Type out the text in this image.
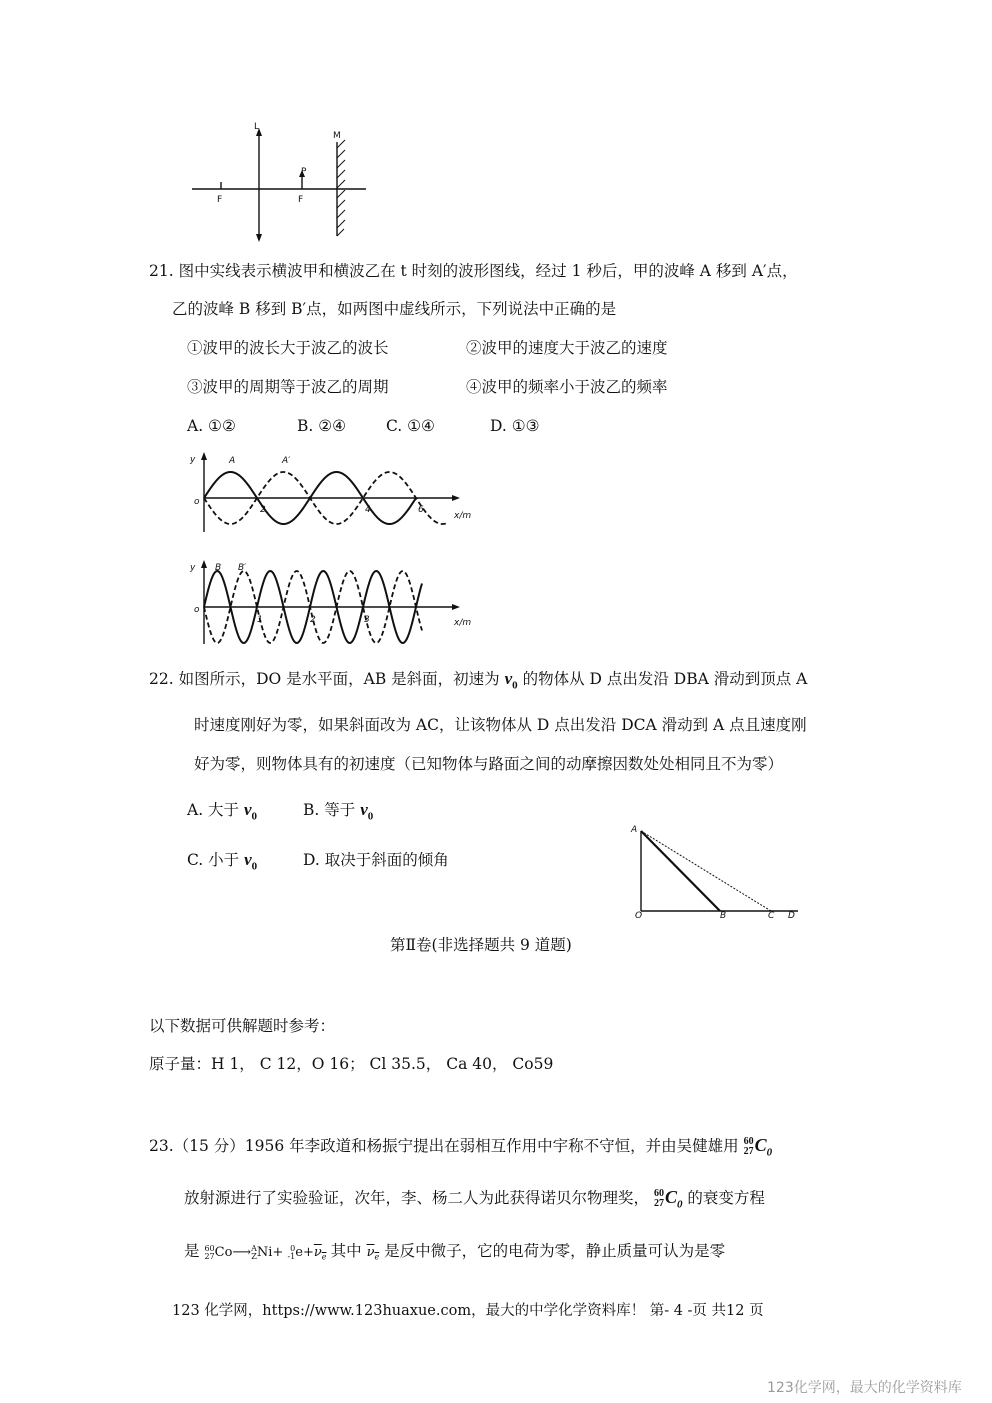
L
M
F	F
P
21. 图中实线表示横波甲和横波乙在 t 时刻的波形图线，经过 1 秒后，甲的波峰 A 移到 A′点，
乙的波峰 B 移到 B′点，如两图中虚线所示，下列说法中正确的是
①波甲的波长大于波乙的波长	②波甲的速度大于波乙的速度
③波甲的周期等于波乙的周期	④波甲的频率小于波乙的频率
A. ①②	B. ②④	C. ①④	D. ①③
y
o
A	A′
x/m
2	4	6
y
o
B B′
x/m
1	2	3
22. 如图所示，DO 是水平面，AB 是斜面，初速为 $v_0$ 的物体从 D 点出发沿 DBA 滑动到顶点 A
时速度刚好为零，如果斜面改为 AC，让该物体从 D 点出发沿 DCA 滑动到 A 点且速度刚
好为零，则物体具有的初速度（已知物体与路面之间的动摩擦因数处处相同且不为零）
A. 大于 $v_0$	B. 等于 $v_0$
C. 小于 $v_0$	D. 取决于斜面的倾角
A
O	B	C D
第Ⅱ卷(非选择题共 9 道题)
以下数据可供解题时参考：
原子量：H 1， C 12，O 16； Cl 35.5， Ca 40， Co59
23.（15 分）1956 年李政道和杨振宁提出在弱相互作用中宇称不守恒，并由吴健雄用 60
$27C_0$
放射源进行了实验验证，次年，李、杨二人为此获得诺贝尔物理奖， 60
$27C_0$ 的衰变方程
是 60
27Co⟶A
ZNi+ 0
$-1e+\nu_e$ 其中 $\nu_e$ 是反中微子，它的电荷为零，静止质量可认为是零
123 化学网，https://www.123huaxue.com，最大的中学化学资料库！ 第- 4 -页 共12 页
123化学网，最大的化学资料库
